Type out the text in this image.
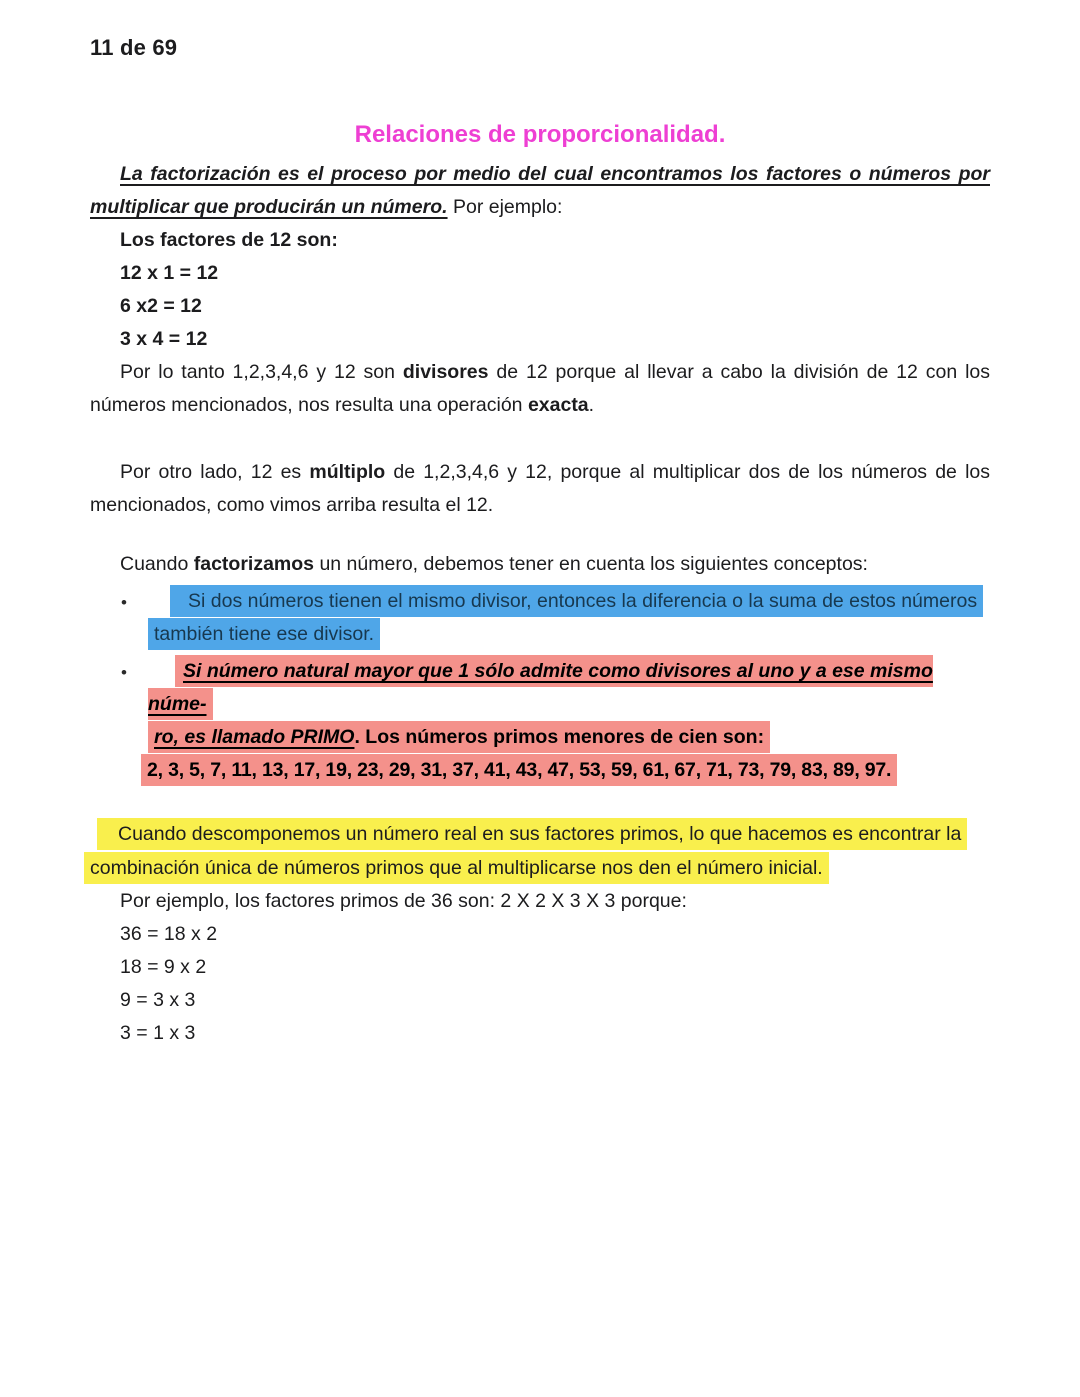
11 de 69
Relaciones de proporcionalidad.

La factorización es el proceso por medio del cual encontramos los factores o números por multiplicar que producirán un número. Por ejemplo:

Los factores de 12 son:

12 x 1 = 12

6 x2 = 12

3 x 4 = 12

Por lo tanto 1,2,3,4,6 y 12 son divisores de 12 porque al llevar a cabo la división de 12 con los números mencionados, nos resulta una operación exacta.

Por otro lado, 12 es múltiplo de 1,2,3,4,6 y 12, porque al multiplicar dos de los números de los mencionados, como vimos arriba resulta el 12.

Cuando factorizamos un número, debemos tener en cuenta los siguientes conceptos:

•	Si dos números tienen el mismo divisor, entonces la diferencia o la suma de estos números
también tiene ese divisor.
•	Si número natural mayor que 1 sólo admite como divisores al uno y a ese mismo núme-
ro, es llamado PRIMO. Los números primos menores de cien son:
2, 3, 5, 7, 11, 13, 17, 19, 23, 29, 31, 37, 41, 43, 47, 53, 59, 61, 67, 71, 73, 79, 83, 89, 97.
Cuando descomponemos un número real en sus factores primos, lo que hacemos es encontrar la
combinación única de números primos que al multiplicarse nos den el número inicial.

Por ejemplo, los factores primos de 36 son: 2 X 2 X 3 X 3 porque:

36 = 18 x 2

18 = 9 x 2

9 = 3 x 3

3 = 1 x 3
